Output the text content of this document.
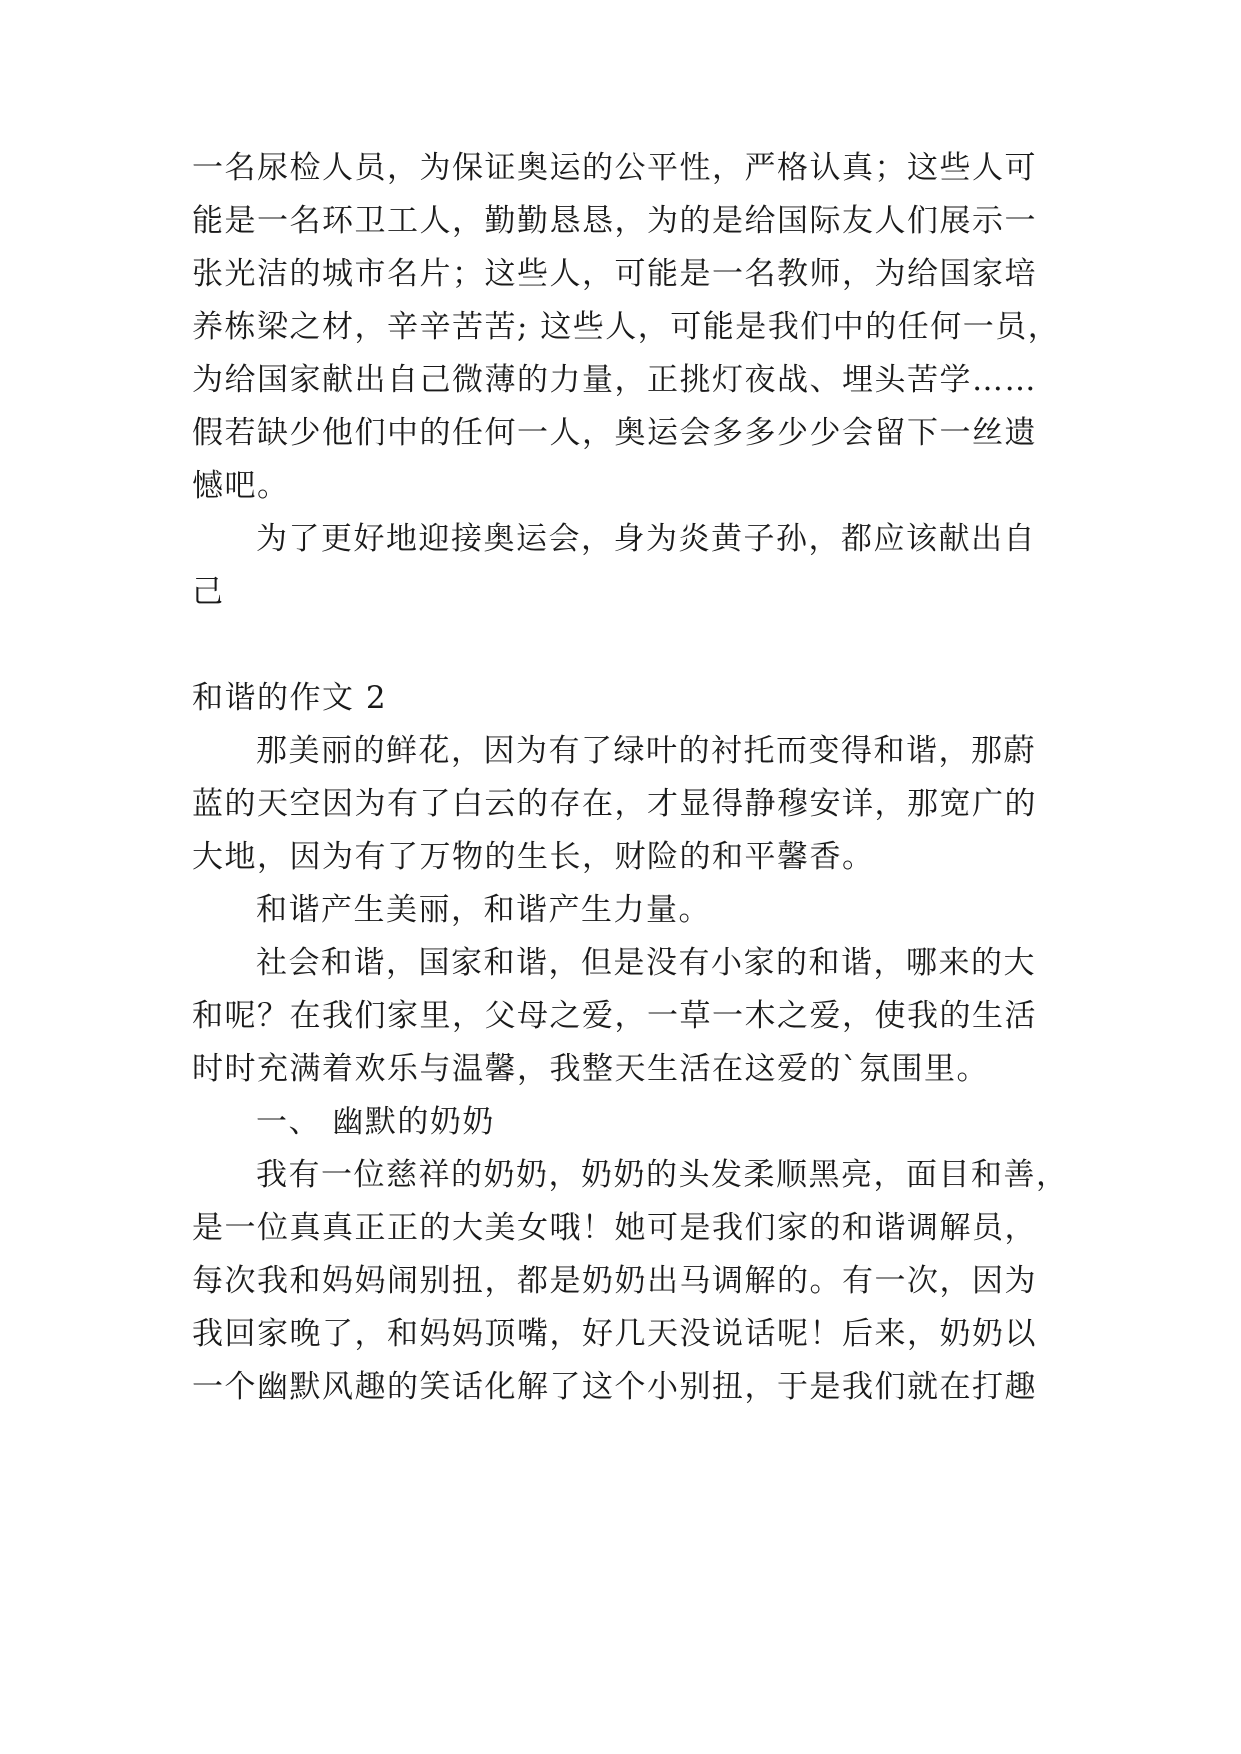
一名尿检人员，为保证奥运的公平性，严格认真；这些人可
能是一名环卫工人，勤勤恳恳，为的是给国际友人们展示一
张光洁的城市名片；这些人，可能是一名教师，为给国家培
养栋梁之材，辛辛苦苦; 这些人，可能是我们中的任何一员，
为给国家献出自己微薄的力量，正挑灯夜战、埋头苦学……
假若缺少他们中的任何一人，奥运会多多少少会留下一丝遗
憾吧。
为了更好地迎接奥运会，身为炎黄子孙，都应该献出自
己
和谐的作文 2
那美丽的鲜花，因为有了绿叶的衬托而变得和谐，那蔚
蓝的天空因为有了白云的存在，才显得静穆安详，那宽广的
大地，因为有了万物的生长，财险的和平馨香。
和谐产生美丽，和谐产生力量。
社会和谐，国家和谐，但是没有小家的和谐，哪来的大
和呢？在我们家里，父母之爱，一草一木之爱，使我的生活
时时充满着欢乐与温馨，我整天生活在这爱的`氛围里。
一、 幽默的奶奶
我有一位慈祥的奶奶，奶奶的头发柔顺黑亮，面目和善，
是一位真真正正的大美女哦！她可是我们家的和谐调解员，
每次我和妈妈闹别扭，都是奶奶出马调解的。有一次，因为
我回家晚了，和妈妈顶嘴，好几天没说话呢！后来，奶奶以
一个幽默风趣的笑话化解了这个小别扭，于是我们就在打趣
